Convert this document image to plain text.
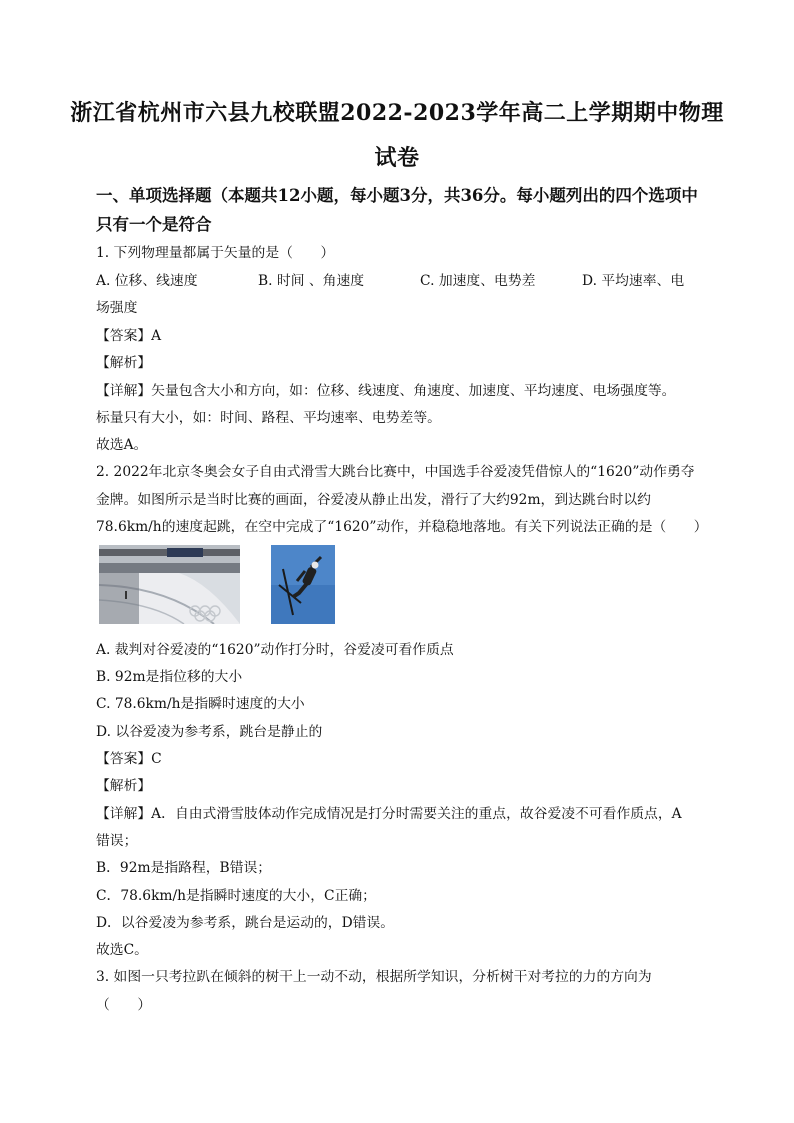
浙江省杭州市六县九校联盟2022-2023学年高二上学期期中物理
试卷
一、单项选择题（本题共12小题，每小题3分，共36分。每小题列出的四个选项中
只有一个是符合
1. 下列物理量都属于矢量的是（　　）
A. 位移、线速度	B. 时间 、角速度	C. 加速度、电势差	D. 平均速率、电
场强度
【答案】A
【解析】
【详解】矢量包含大小和方向，如：位移、线速度、角速度、加速度、平均速度、电场强度等。
标量只有大小，如：时间、路程、平均速率、电势差等。
故选A。
2. 2022年北京冬奥会女子自由式滑雪大跳台比赛中，中国选手谷爱凌凭借惊人的“1620”动作勇夺
金牌。如图所示是当时比赛的画面，谷爱凌从静止出发，滑行了大约92m，到达跳台时以约
78.6km/h的速度起跳，在空中完成了“1620”动作，并稳稳地落地。有关下列说法正确的是（　　）
A. 裁判对谷爱凌的“1620”动作打分时，谷爱凌可看作质点
B. 92m是指位移的大小
C. 78.6km/h是指瞬时速度的大小
D. 以谷爱凌为参考系，跳台是静止的
【答案】C
【解析】
【详解】A．自由式滑雪肢体动作完成情况是打分时需要关注的重点，故谷爱凌不可看作质点，A
错误；
B．92m是指路程，B错误；
C．78.6km/h是指瞬时速度的大小，C正确；
D．以谷爱凌为参考系，跳台是运动的，D错误。
故选C。
3. 如图一只考拉趴在倾斜的树干上一动不动，根据所学知识，分析树干对考拉的力的方向为
（　　）
